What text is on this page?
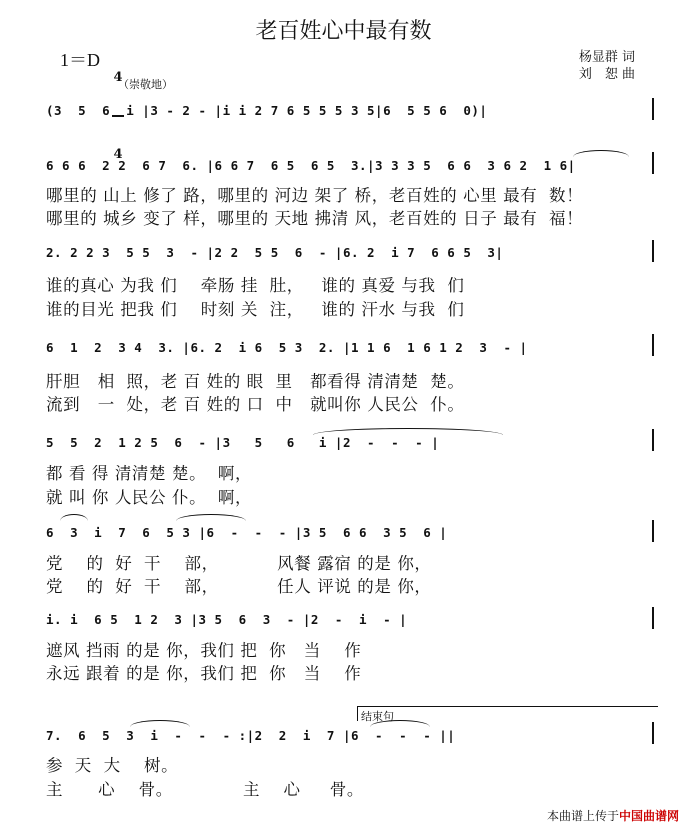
老百姓心中最有数
杨显群 词
刘　恕 曲
1＝D

4

4

（崇敬地）
(3  5  6  i |3 - 2 - |i i 2 7 6 5 5 5 3 5|6  5 5 6  0)|
6 6 6  2 2  6 7  6. |6 6 7  6 5  6 5  3.|3 3 3 5  6 6  3 6 2  1 6|
哪里的 山上 修了 路，哪里的 河边 架了 桥，老百姓的 心里 最有  数！
哪里的 城乡 变了 样，哪里的 天地 拂清 风，老百姓的 日子 最有  福！
2. 2 2 3  5 5  3  - |2 2  5 5  6  - |6. 2  i 7  6 6 5  3|
谁的真心 为我 们    牵肠 挂  肚，   谁的 真爱 与我  们
谁的目光 把我 们    时刻 关  注，   谁的 汗水 与我  们
6  1  2  3 4  3. |6. 2  i 6  5 3  2. |1 1 6  1 6 1 2  3  - |
肝胆   相  照，老 百 姓的 眼  里   都看得 清清楚  楚。
流到   一  处，老 百 姓的 口  中   就叫你 人民公  仆。
5  5  2  1 2 5  6  - |3   5   6   i |2  -  -  - |
都 看 得 清清楚 楚。  啊，
就 叫 你 人民公 仆。  啊，
6  3  i  7  6  5 3 |6  -  -  - |3 5  6 6  3 5  6 |
党    的  好  干    部，          风餐 露宿 的是 你，
党    的  好  干    部，          任人 评说 的是 你，
i. i  6 5  1 2  3 |3 5  6  3  - |2  -  i  - |
遮风 挡雨 的是 你，我们 把  你   当    作
永远 跟着 的是 你，我们 把  你   当    作
结束句
7.  6  5  3  i  -  -  - :|2  2  i  7 |6  -  -  - ||
参  天  大    树。
主      心    骨。            主    心     骨。

本曲谱上传于中国曲谱网
